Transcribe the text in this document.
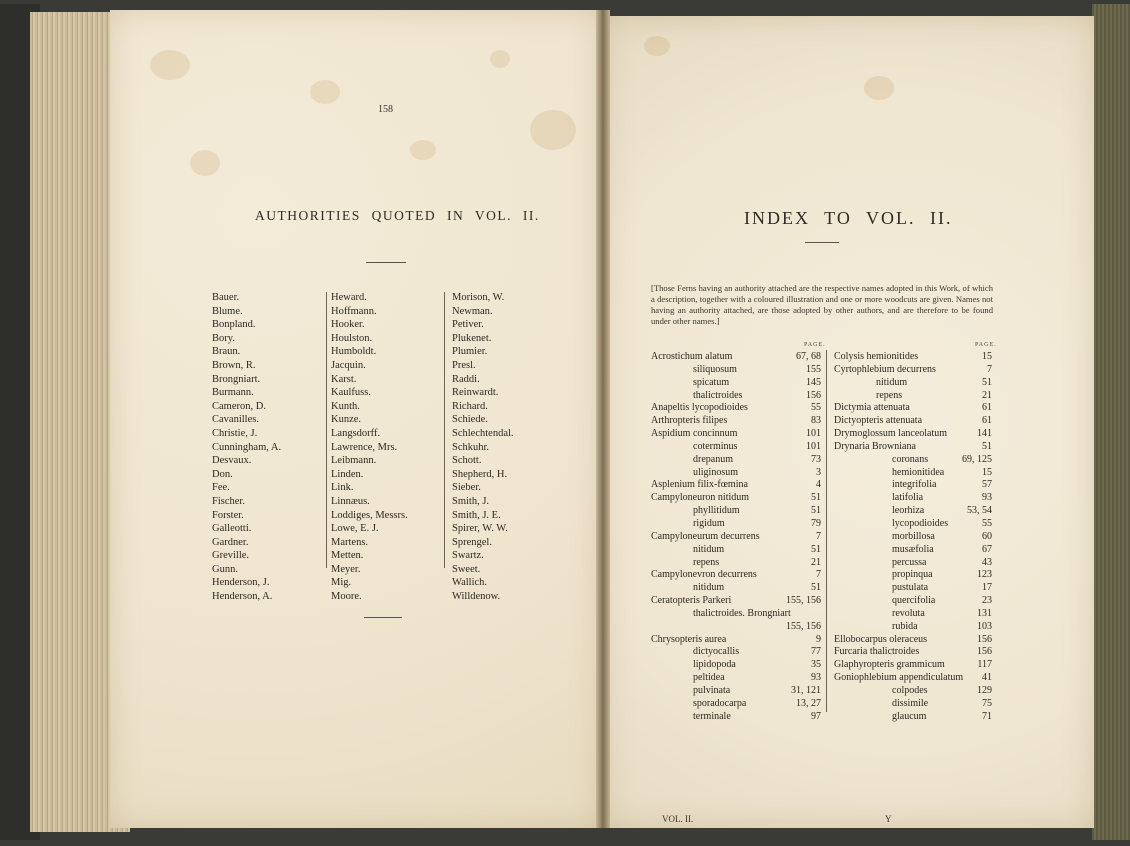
158
AUTHORITIES QUOTED IN VOL. II.
Bauer.
Blume.
Bonpland.
Bory.
Braun.
Brown, R.
Brongniart.
Burmann.
Cameron, D.
Cavanilles.
Christie, J.
Cunningham, A.
Desvaux.
Don.
Fee.
Fischer.
Forster.
Galleotti.
Gardner.
Greville.
Gunn.
Henderson, J.
Henderson, A.
Heward.
Hoffmann.
Hooker.
Houlston.
Humboldt.
Jacquin.
Karst.
Kaulfuss.
Kunth.
Kunze.
Langsdorff.
Lawrence, Mrs.
Leibmann.
Linden.
Link.
Linnæus.
Loddiges, Messrs.
Lowe, E. J.
Martens.
Metten.
Meyer.
Mig.
Moore.
Morison, W.
Newman.
Petiver.
Plukenet.
Plumier.
Presl.
Raddi.
Reinwardt.
Richard.
Schiede.
Schlechtendal.
Schkuhr.
Schott.
Shepherd, H.
Sieber.
Smith, J.
Smith, J. E.
Spirer, W. W.
Sprengel.
Swartz.
Sweet.
Wallich.
Willdenow.
INDEX TO VOL. II.
[Those Ferns having an authority attached are the respective names adopted in this Work, of which a description, together with a coloured illustration and one or more woodcuts are given. Names not having an authority attached, are those adopted by other authors, and are therefore to be found under other names.]
PAGE.	PAGE.
Acrostichum alatum	67, 68
siliquosum	155
spicatum	145
thalictroides	156
Anapeltis lycopodioides	55
Arthropteris filipes	83
Aspidium concinnum	101
coterminus	101
drepanum	73
uliginosum	3
Asplenium filix-fœmina	4
Campyloneuron nitidum	51
phyllitidum	51
rigidum	79
Campyloneurum decurrens	7
nitidum	51
repens	21
Campylonevron decurrens	7
nitidum	51
Ceratopteris Parkeri	155, 156
thalictroides. Brongniart
155, 156
Chrysopteris aurea	9
dictyocallis	77
lipidopoda	35
peltidea	93
pulvinata	31, 121
sporadocarpa	13, 27
terminale	97
Colysis hemionitides	15
Cyrtophlebium decurrens	7
nitidum	51
repens	21
Dictymia attenuata	61
Dictyopteris attenuata	61
Drymoglossum lanceolatum	141
Drynaria Browniana	51
coronans	69, 125
hemionitidea	15
integrifolia	57
latifolia	93
leorhiza	53, 54
lycopodioides	55
morbillosa	60
musæfolia	67
percussa	43
propinqua	123
pustulata	17
quercifolia	23
revoluta	131
rubida	103
Ellobocarpus oleraceus	156
Furcaria thalictroides	156
Glaphyropteris grammicum	117
Goniophlebium appendiculatum 41
colpodes	129
dissimile	75
glaucum	71
VOL. II.	Y
